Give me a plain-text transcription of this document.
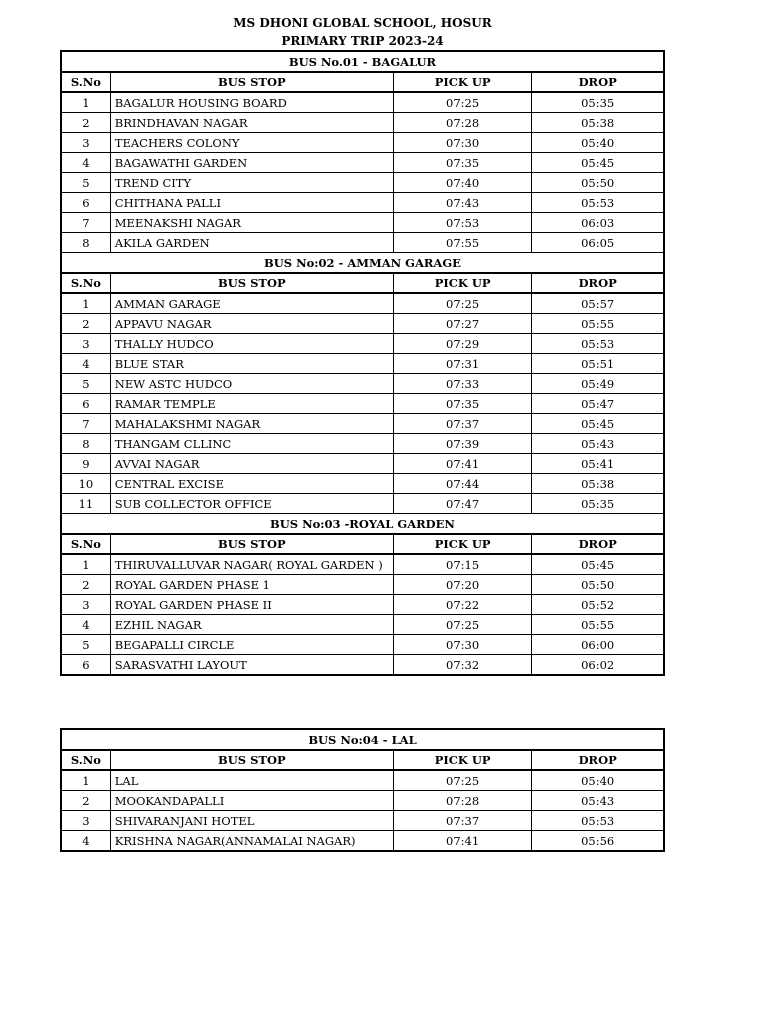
MS DHONI GLOBAL SCHOOL, HOSUR
PRIMARY TRIP 2023-24
BUS No.01 - BAGALUR			
S.No	BUS STOP	PICK UP	DROP
1	BAGALUR HOUSING BOARD	07:25	05:35
2	BRINDHAVAN NAGAR	07:28	05:38
3	TEACHERS COLONY	07:30	05:40
4	BAGAWATHI GARDEN	07:35	05:45
5	TREND CITY	07:40	05:50
6	CHITHANA PALLI	07:43	05:53
7	MEENAKSHI NAGAR	07:53	06:03
8	AKILA GARDEN	07:55	06:05
BUS No:02 - AMMAN GARAGE			
S.No	BUS STOP	PICK UP	DROP
1	AMMAN GARAGE	07:25	05:57
2	APPAVU NAGAR	07:27	05:55
3	THALLY HUDCO	07:29	05:53
4	BLUE STAR	07:31	05:51
5	NEW ASTC HUDCO	07:33	05:49
6	RAMAR TEMPLE	07:35	05:47
7	MAHALAKSHMI NAGAR	07:37	05:45
8	THANGAM CLLINC	07:39	05:43
9	AVVAI NAGAR	07:41	05:41
10	CENTRAL EXCISE	07:44	05:38
11	SUB COLLECTOR OFFICE	07:47	05:35
BUS No:03 -ROYAL GARDEN			
S.No	BUS STOP	PICK UP	DROP
1	THIRUVALLUVAR NAGAR( ROYAL GARDEN )	07:15	05:45
2	ROYAL GARDEN PHASE 1	07:20	05:50
3	ROYAL GARDEN PHASE II	07:22	05:52
4	EZHIL NAGAR	07:25	05:55
5	BEGAPALLI CIRCLE	07:30	06:00
6	SARASVATHI LAYOUT	07:32	06:02
BUS No:04 - LAL			
S.No	BUS STOP	PICK UP	DROP
1	LAL	07:25	05:40
2	MOOKANDAPALLI	07:28	05:43
3	SHIVARANJANI HOTEL	07:37	05:53
4	KRISHNA NAGAR(ANNAMALAI NAGAR)	07:41	05:56
